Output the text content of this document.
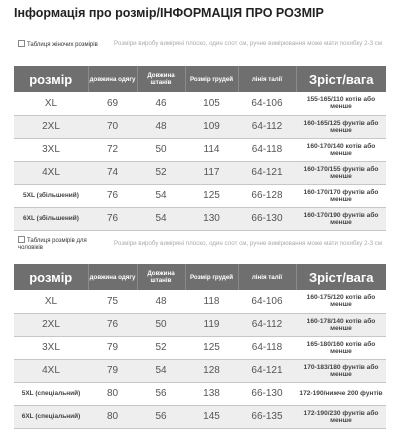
Інформація про розмір/ІНФОРМАЦІЯ ПРО РОЗМІР
Таблиця жіночих розмірів	Розміри виробу виміряні плоско, один слот см, ручне вимірювання може мати похибку 2-3 см
розмір	довжина одягу	Довжина штанів	Розмір грудей	лінія талії	Зріст/вага
XL	69	46	105	64-106	155-165/110 котів або менше
2XL	70	48	109	64-112	160-165/125 фунтів або менше
3XL	72	50	114	64-118	160-170/140 котів або менше
4XL	74	52	117	64-121	160-170/155 фунтів або менше
5XL (збільшений)	76	54	125	66-128	160-170/170 фунтів або менше
6XL (збільшений)	76	54	130	66-130	160-170/190 фунтів або менше
Таблиця розмірів для чоловіків
Розміри виробу виміряні плоско, один слот см, ручне вимірювання може мати похибку 2-3 см
розмір	довжина одягу	Довжина штанів	Розмір грудей	лінія талії	Зріст/вага
XL	75	48	118	64-106	160-175/120 котів або менше
2XL	76	50	119	64-112	160-178/140 котів або менше
3XL	79	52	125	64-118	165-180/160 котів або менше
4XL	79	54	128	64-121	170-183/180 фунтів або менше
5XL (спеціальний)	80	56	138	66-130	172-190/нижче 200 фунтів
6XL (спеціальний)	80	56	145	66-135	172-190/230 фунтів або менше
